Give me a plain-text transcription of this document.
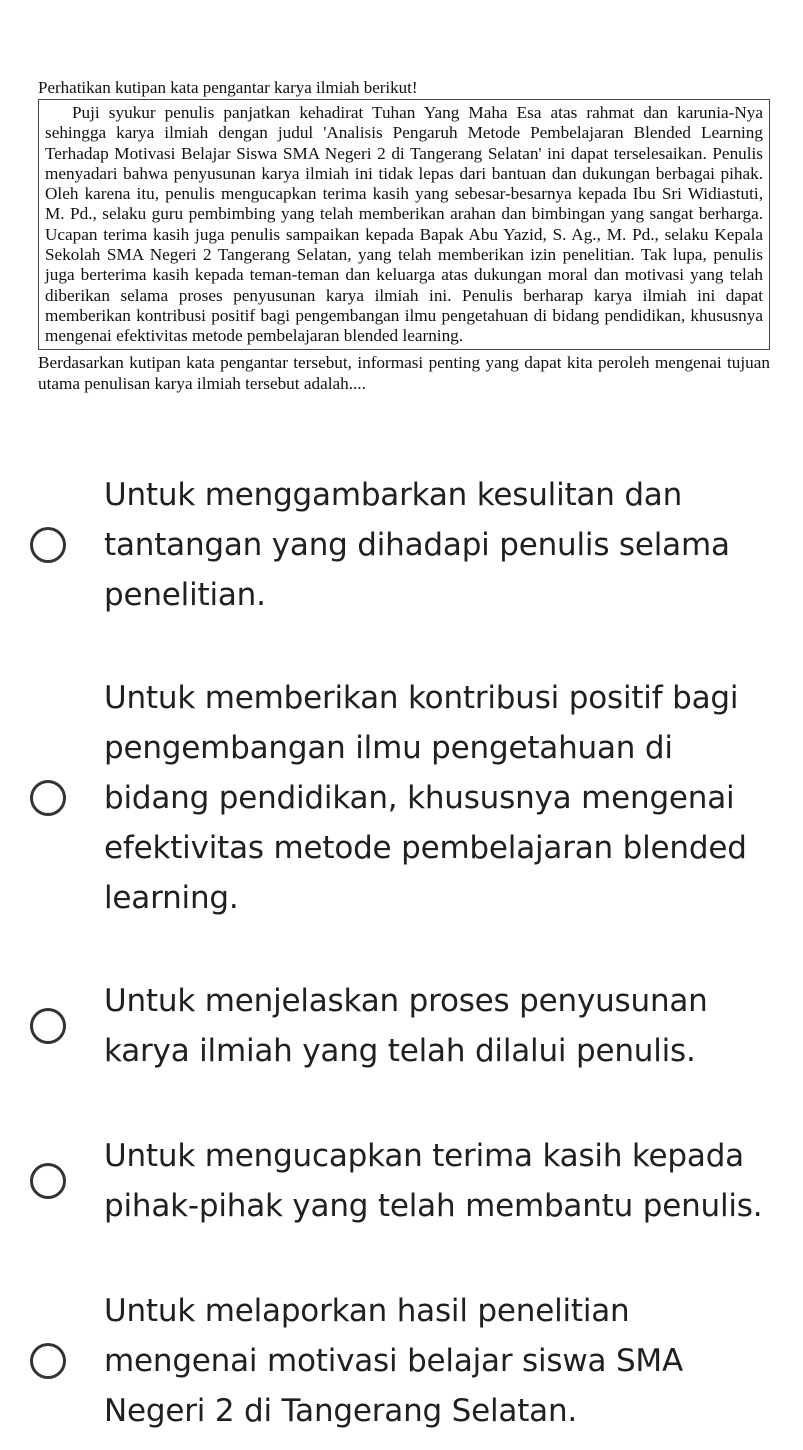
Perhatikan kutipan kata pengantar karya ilmiah berikut!

Puji syukur penulis panjatkan kehadirat Tuhan Yang Maha Esa atas rahmat dan karunia-Nya sehingga karya ilmiah dengan judul 'Analisis Pengaruh Metode Pembelajaran Blended Learning Terhadap Motivasi Belajar Siswa SMA Negeri 2 di Tangerang Selatan' ini dapat terselesaikan. Penulis menyadari bahwa penyusunan karya ilmiah ini tidak lepas dari bantuan dan dukungan berbagai pihak. Oleh karena itu, penulis mengucapkan terima kasih yang sebesar-besarnya kepada Ibu Sri Widiastuti, M. Pd., selaku guru pembimbing yang telah memberikan arahan dan bimbingan yang sangat berharga. Ucapan terima kasih juga penulis sampaikan kepada Bapak Abu Yazid, S. Ag., M. Pd., selaku Kepala Sekolah SMA Negeri 2 Tangerang Selatan, yang telah memberikan izin penelitian. Tak lupa, penulis juga berterima kasih kepada teman-teman dan keluarga atas dukungan moral dan motivasi yang telah diberikan selama proses penyusunan karya ilmiah ini. Penulis berharap karya ilmiah ini dapat memberikan kontribusi positif bagi pengembangan ilmu pengetahuan di bidang pendidikan, khususnya mengenai efektivitas metode pembelajaran blended learning.

Berdasarkan kutipan kata pengantar tersebut, informasi penting yang dapat kita peroleh mengenai tujuan utama penulisan karya ilmiah tersebut adalah....

Untuk menggambarkan kesulitan dan tantangan yang dihadapi penulis selama penelitian.
Untuk memberikan kontribusi positif bagi pengembangan ilmu pengetahuan di bidang pendidikan, khususnya mengenai efektivitas metode pembelajaran blended learning.
Untuk menjelaskan proses penyusunan karya ilmiah yang telah dilalui penulis.
Untuk mengucapkan terima kasih kepada pihak-pihak yang telah membantu penulis.
Untuk melaporkan hasil penelitian mengenai motivasi belajar siswa SMA Negeri 2 di Tangerang Selatan.
